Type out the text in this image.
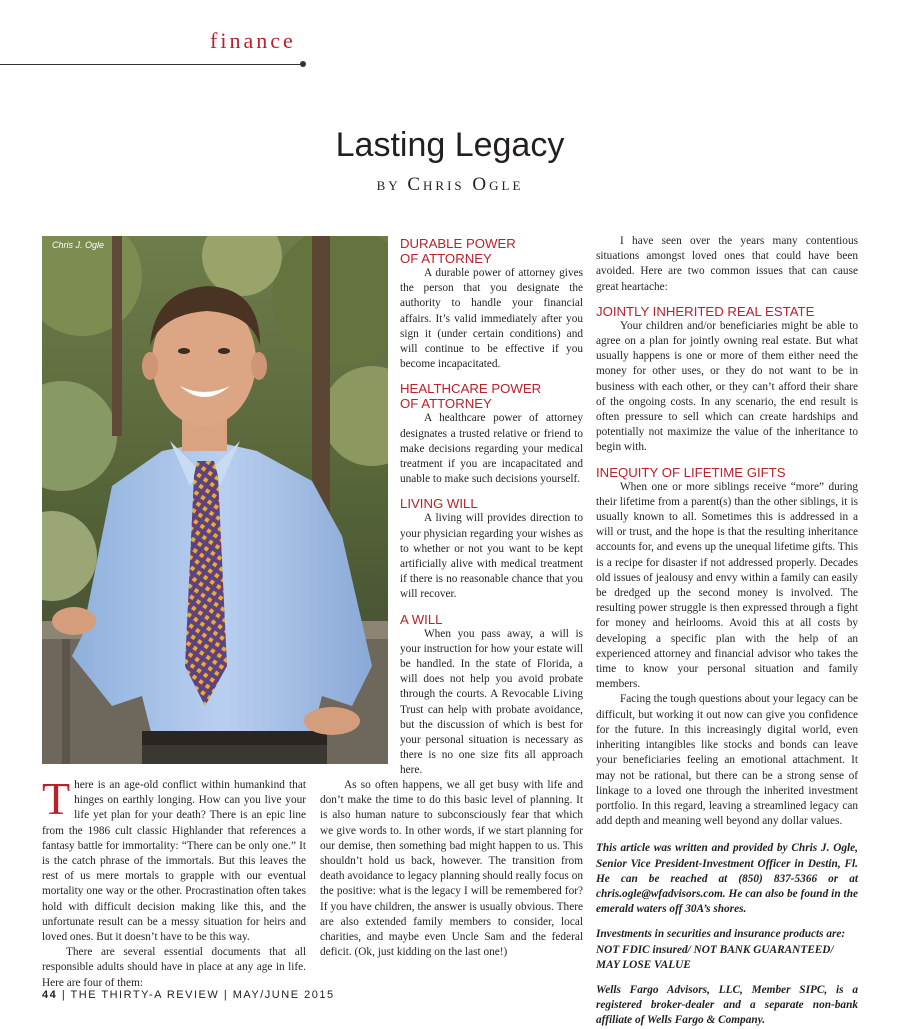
finance
Lasting Legacy
BY Chris Ogle
Chris J. Ogle
T here is an age-old conflict within humankind that hinges on earthly longing. How can you live your life yet plan for your death? There is an epic line from the 1986 cult classic Highlander that references a fantasy battle for immortality: “There can be only one.” It is the catch phrase of the immortals. But this leaves the rest of us mere mortals to grapple with our eventual mortality one way or the other. Procrastination often takes hold with difficult decision making like this, and the unfortunate result can be a messy situation for heirs and loved ones. But it doesn’t have to be this way.

There are several essential documents that all responsible adults should have in place at any age in life. Here are four of them:

DURABLE POWER
OF ATTORNEY

A durable power of attorney gives the person that you designate the authority to handle your financial affairs. It’s valid immediately after you sign it (under certain conditions) and will continue to be effective if you become incapacitated.

HEALTHCARE POWER
OF ATTORNEY

A healthcare power of attorney designates a trusted relative or friend to make decisions regarding your medical treatment if you are incapacitated and unable to make such decisions yourself.

LIVING WILL

A living will provides direction to your physician regarding your wishes as to whether or not you want to be kept artificially alive with medical treatment if there is no reasonable chance that you will recover.

A WILL

When you pass away, a will is your instruction for how your estate will be handled. In the state of Florida, a will does not help you avoid probate through the courts. A Revocable Living Trust can help with probate avoidance, but the discussion of which is best for your personal situation is necessary as there is no one size fits all approach here.

As so often happens, we all get busy with life and don’t make the time to do this basic level of planning. It is also human nature to subconsciously fear that which we give words to. In other words, if we start planning for our demise, then something bad might happen to us. This shouldn’t hold us back, however. The transition from death avoidance to legacy planning should really focus on the positive: what is the legacy I will be remembered for? If you have children, the answer is usually obvious. There are also extended family members to consider, local charities, and maybe even Uncle Sam and the federal deficit. (Ok, just kidding on the last one!)

I have seen over the years many contentious situations amongst loved ones that could have been avoided. Here are two common issues that can cause great heartache:

JOINTLY INHERITED REAL ESTATE

Your children and/or beneficiaries might be able to agree on a plan for jointly owning real estate. But what usually happens is one or more of them either need the money for other uses, or they do not want to be in business with each other, or they can’t afford their share of the ongoing costs. In any scenario, the end result is often pressure to sell which can create hardships and potentially not maximize the value of the inheritance to begin with.

INEQUITY OF LIFETIME GIFTS

When one or more siblings receive “more” during their lifetime from a parent(s) than the other siblings, it is usually known to all. Sometimes this is addressed in a will or trust, and the hope is that the resulting inheritance accounts for, and evens up the unequal lifetime gifts. This is a recipe for disaster if not addressed properly. Decades old issues of jealousy and envy within a family can easily be dredged up the second money is involved. The resulting power struggle is then expressed through a fight for money and heirlooms. Avoid this at all costs by developing a specific plan with the help of an experienced attorney and financial advisor who takes the time to know your personal situation and family members.

Facing the tough questions about your legacy can be difficult, but working it out now can give you confidence for the future. In this increasingly digital world, even inheriting intangibles like stocks and bonds can leave your beneficiaries feeling an emotional attachment. It may not be rational, but there can be a strong sense of linkage to a loved one through the inherited investment portfolio. In this regard, leaving a streamlined legacy can add depth and meaning well beyond any dollar values.

This article was written and provided by Chris J. Ogle, Senior Vice President-Investment Officer in Destin, Fl. He can be reached at (850) 837-5366 or at chris.ogle@wfadvisors.com. He can also be found in the emerald waters off 30A’s shores.

Investments in securities and insurance products are: NOT FDIC insured/ NOT BANK GUARANTEED/ MAY LOSE VALUE

Wells Fargo Advisors, LLC, Member SIPC, is a registered broker-dealer and a separate non-bank affiliate of Wells Fargo & Company.

44 | THE THIRTY-A REVIEW | MAY/JUNE 2015
